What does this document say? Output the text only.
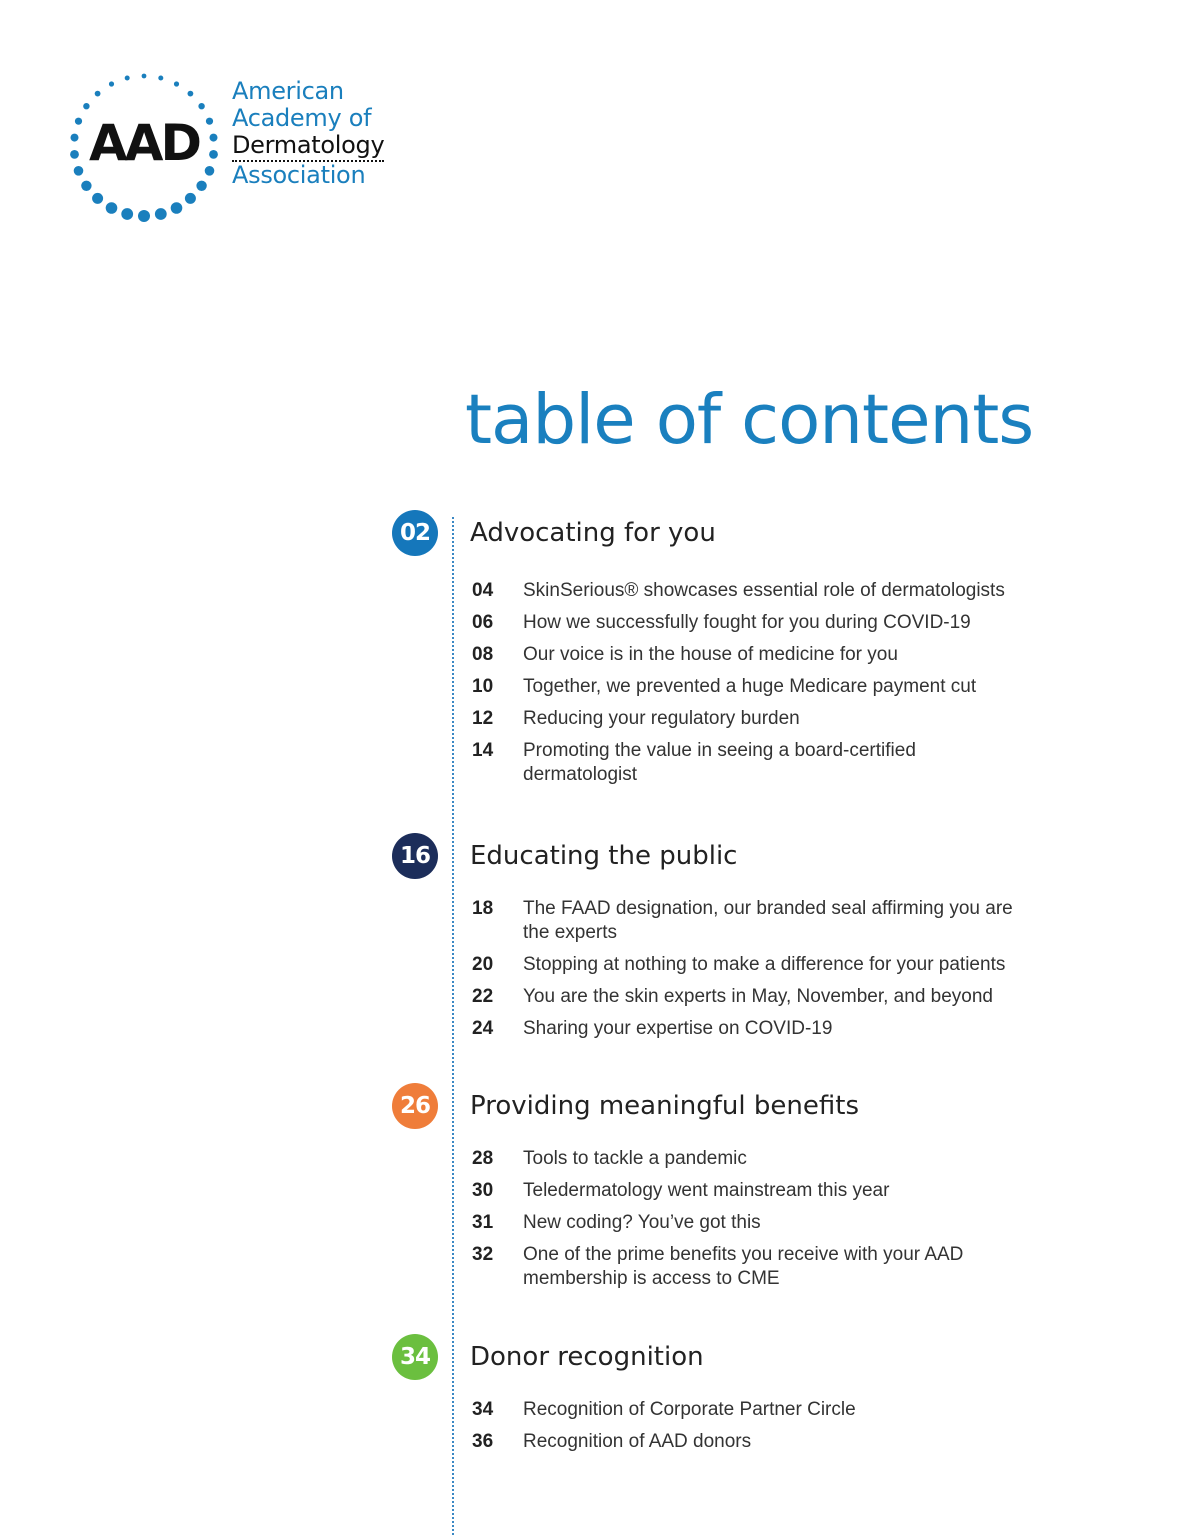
AAD
American
Academy of
Dermatology
Association
table of contents
02	Advocating for you
04 SkinSerious® showcases essential role of dermatologists
06 How we successfully fought for you during COVID-19
08 Our voice is in the house of medicine for you
10 Together, we prevented a huge Medicare payment cut
12 Reducing your regulatory burden
14 Promoting the value in seeing a board-certified dermatologist
16	Educating the public
18 The FAAD designation, our branded seal affirming you are the experts
20 Stopping at nothing to make a difference for your patients
22 You are the skin experts in May, November, and beyond
24 Sharing your expertise on COVID-19
26	Providing meaningful benefits
28 Tools to tackle a pandemic
30 Teledermatology went mainstream this year
31 New coding? You’ve got this
32 One of the prime benefits you receive with your AAD membership is access to CME
34	Donor recognition
34 Recognition of Corporate Partner Circle
36 Recognition of AAD donors
